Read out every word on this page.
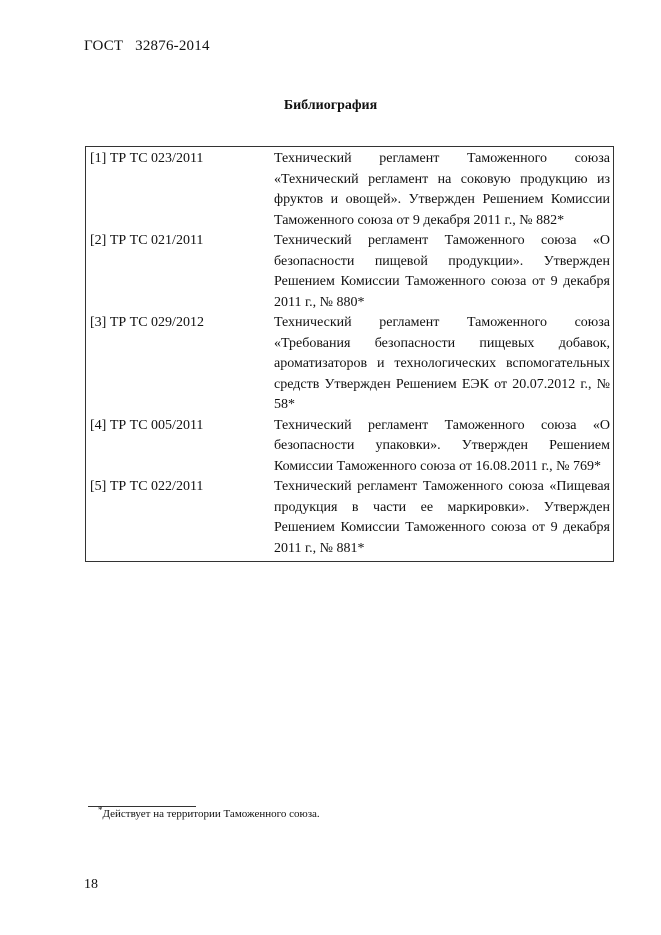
ГОСТ 32876-2014
Библиография
[1] ТР ТС 023/2011	Технический регламент Таможенного союза «Технический регламент на соковую продукцию из фруктов и овощей». Утвержден Решением Комиссии Таможенного союза от 9 декабря 2011 г., № 882*
[2] ТР ТС 021/2011	Технический регламент Таможенного союза «О безопасности пищевой продукции». Утвержден Решением Комиссии Таможенного союза от 9 декабря 2011 г., № 880*
[3] ТР ТС 029/2012	Технический регламент Таможенного союза «Требования безопасности пищевых добавок, ароматизаторов и технологических вспомогательных средств Утвержден Решением ЕЭК от 20.07.2012 г., № 58*
[4] ТР ТС 005/2011	Технический регламент Таможенного союза «О безопасности упаковки». Утвержден Решением Комиссии Таможенного союза от 16.08.2011 г., № 769*
[5] ТР ТС 022/2011	Технический регламент Таможенного союза «Пищевая продукция в части ее маркировки». Утвержден Решением Комиссии Таможенного союза от 9 декабря 2011 г., № 881*
*Действует на территории Таможенного союза.
18
